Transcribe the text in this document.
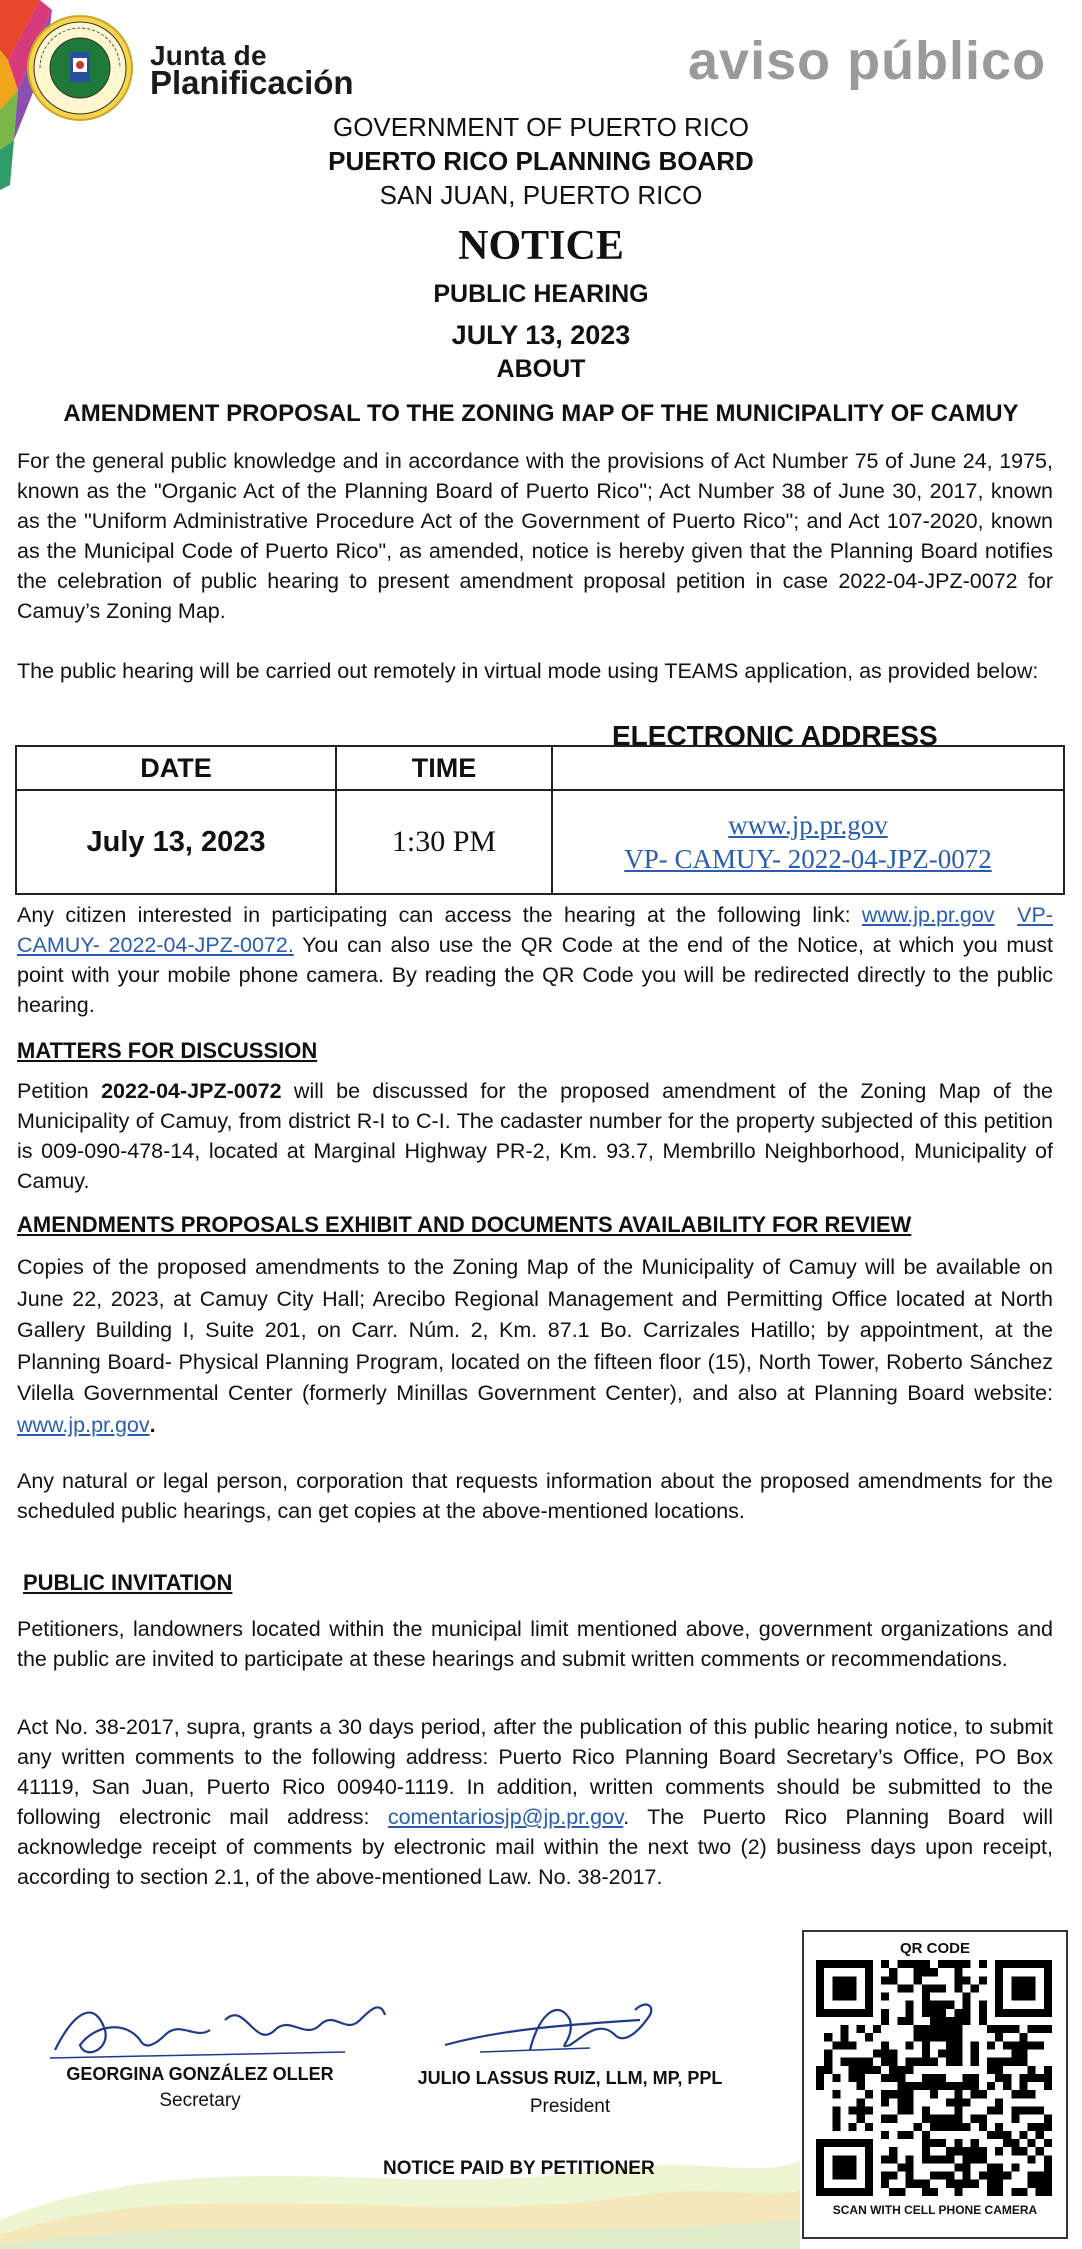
Junta de
Planificación	aviso público
GOVERNMENT OF PUERTO RICO
PUERTO RICO PLANNING BOARD
SAN JUAN, PUERTO RICO
NOTICE
PUBLIC HEARING
JULY 13, 2023
ABOUT
AMENDMENT PROPOSAL TO THE ZONING MAP OF THE MUNICIPALITY OF CAMUY
For the general public knowledge and in accordance with the provisions of Act Number 75 of June 24, 1975, known as the "Organic Act of the Planning Board of Puerto Rico"; Act Number 38 of June 30, 2017, known as the "Uniform Administrative Procedure Act of the Government of Puerto Rico"; and Act 107-2020, known as the Municipal Code of Puerto Rico", as amended, notice is hereby given that the Planning Board notifies the celebration of public hearing to present amendment proposal petition in case 2022-04-JPZ-0072 for Camuy’s Zoning Map.
The public hearing will be carried out remotely in virtual mode using TEAMS application, as provided below:
ELECTRONIC ADDRESS
DATE	TIME	
July 13, 2023	1:30 PM	www.jp.pr.gov
VP- CAMUY- 2022-04-JPZ-0072
Any citizen interested in participating can access the hearing at the following link: www.jp.pr.gov VP- CAMUY- 2022-04-JPZ-0072. You can also use the QR Code at the end of the Notice, at which you must point with your mobile phone camera. By reading the QR Code you will be redirected directly to the public hearing.
MATTERS FOR DISCUSSION
Petition 2022-04-JPZ-0072 will be discussed for the proposed amendment of the Zoning Map of the Municipality of Camuy, from district R-I to C-I. The cadaster number for the property subjected of this petition is 009-090-478-14, located at Marginal Highway PR-2, Km. 93.7, Membrillo Neighborhood, Municipality of Camuy.
AMENDMENTS PROPOSALS EXHIBIT AND DOCUMENTS AVAILABILITY FOR REVIEW
Copies of the proposed amendments to the Zoning Map of the Municipality of Camuy will be available on June 22, 2023, at Camuy City Hall; Arecibo Regional Management and Permitting Office located at North Gallery Building I, Suite 201, on Carr. Núm. 2, Km. 87.1 Bo. Carrizales Hatillo; by appointment, at the Planning Board- Physical Planning Program, located on the fifteen floor (15), North Tower, Roberto Sánchez Vilella Governmental Center (formerly Minillas Government Center), and also at Planning Board website: www.jp.pr.gov.
Any natural or legal person, corporation that requests information about the proposed amendments for the scheduled public hearings, can get copies at the above-mentioned locations.
PUBLIC INVITATION
Petitioners, landowners located within the municipal limit mentioned above, government organizations and the public are invited to participate at these hearings and submit written comments or recommendations.
Act No. 38-2017, supra, grants a 30 days period, after the publication of this public hearing notice, to submit any written comments to the following address: Puerto Rico Planning Board Secretary’s Office, PO Box 41119, San Juan, Puerto Rico 00940-1119. In addition, written comments should be submitted to the following electronic mail address: comentariosjp@jp.pr.gov. The Puerto Rico Planning Board will acknowledge receipt of comments by electronic mail within the next two (2) business days upon receipt, according to section 2.1, of the above-mentioned Law. No. 38-2017.
GEORGINA GONZÁLEZ OLLER
Secretary
JULIO LASSUS RUIZ, LLM, MP, PPL
President
NOTICE PAID BY PETITIONER
QR CODE
SCAN WITH CELL PHONE CAMERA
